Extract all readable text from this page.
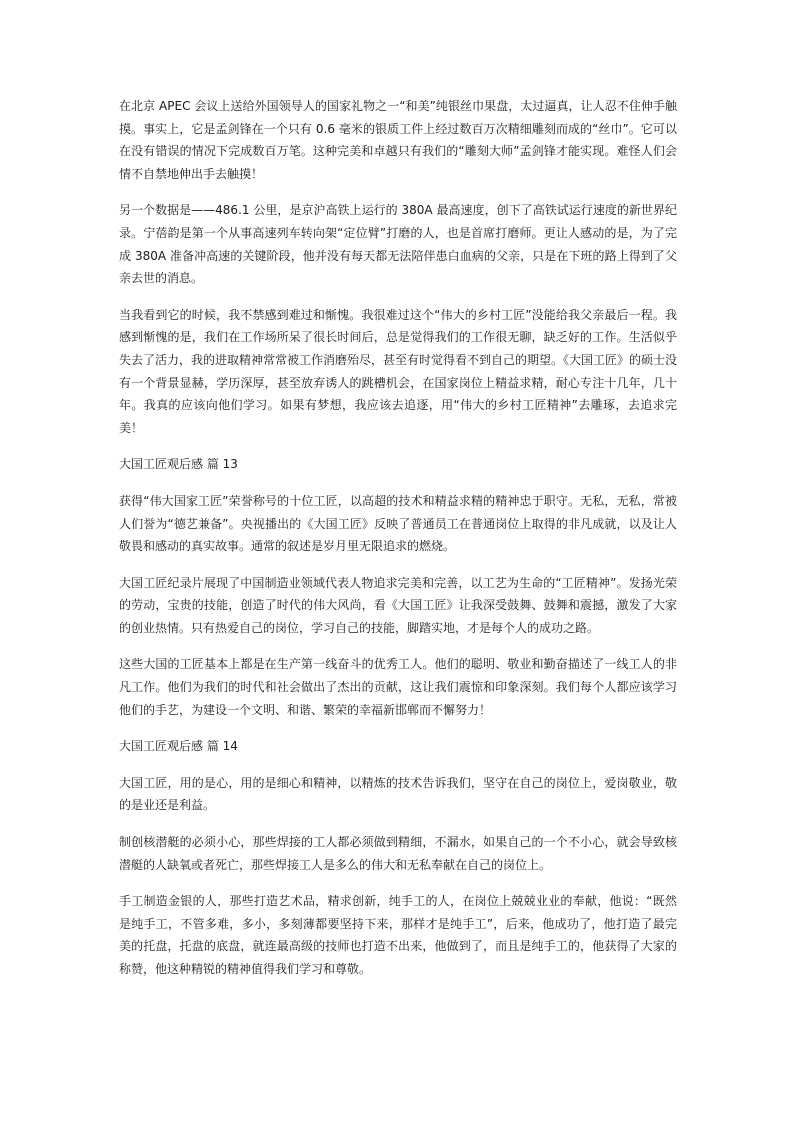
在北京 APEC 会议上送给外国领导人的国家礼物之一“和美”纯银丝巾果盘，太过逼真，让人忍不住伸手触摸。事实上，它是孟剑锋在一个只有 0.6 毫米的银质工件上经过数百万次精细雕刻而成的“丝巾”。它可以在没有错误的情况下完成数百万笔。这种完美和卓越只有我们的“雕刻大师”孟剑锋才能实现。难怪人们会情不自禁地伸出手去触摸！

另一个数据是——486.1 公里，是京沪高铁上运行的 380A 最高速度，创下了高铁试运行速度的新世界纪录。宁蓓韵是第一个从事高速列车转向架“定位臂”打磨的人，也是首席打磨师。更让人感动的是，为了完成 380A 准备冲高速的关键阶段，他并没有每天都无法陪伴患白血病的父亲，只是在下班的路上得到了父亲去世的消息。

当我看到它的时候，我不禁感到难过和惭愧。我很难过这个“伟大的乡村工匠”没能给我父亲最后一程。我感到惭愧的是，我们在工作场所呆了很长时间后，总是觉得我们的工作很无聊，缺乏好的工作。生活似乎失去了活力，我的进取精神常常被工作消磨殆尽，甚至有时觉得看不到自己的期望。《大国工匠》的硕士没有一个背景显赫，学历深厚，甚至放弃诱人的跳槽机会，在国家岗位上精益求精，耐心专注十几年，几十年。我真的应该向他们学习。如果有梦想，我应该去追逐，用“伟大的乡村工匠精神”去雕琢，去追求完美！

大国工匠观后感 篇 13

获得“伟大国家工匠”荣誉称号的十位工匠，以高超的技术和精益求精的精神忠于职守。无私，无私，常被人们誉为“德艺兼备”。央视播出的《大国工匠》反映了普通员工在普通岗位上取得的非凡成就，以及让人敬畏和感动的真实故事。通常的叙述是岁月里无限追求的燃烧。

大国工匠纪录片展现了中国制造业领域代表人物追求完美和完善，以工艺为生命的“工匠精神”。发扬光荣的劳动，宝贵的技能，创造了时代的伟大风尚，看《大国工匠》让我深受鼓舞、鼓舞和震撼，激发了大家的创业热情。只有热爱自己的岗位，学习自己的技能，脚踏实地，才是每个人的成功之路。

这些大国的工匠基本上都是在生产第一线奋斗的优秀工人。他们的聪明、敬业和勤奋描述了一线工人的非凡工作。他们为我们的时代和社会做出了杰出的贡献，这让我们震惊和印象深刻。我们每个人都应该学习他们的手艺，为建设一个文明、和谐、繁荣的幸福新邯郸而不懈努力！

大国工匠观后感 篇 14

大国工匠，用的是心，用的是细心和精神，以精炼的技术告诉我们，坚守在自己的岗位上，爱岗敬业，敬的是业还是利益。

制创核潜艇的必须小心，那些焊接的工人都必须做到精细，不漏水，如果自己的一个不小心，就会导致核潜艇的人缺氧或者死亡，那些焊接工人是多么的伟大和无私奉献在自己的岗位上。

手工制造金银的人，那些打造艺术品，精求创新，纯手工的人，在岗位上兢兢业业的奉献，他说：“既然是纯手工，不管多难，多小，多刻薄都要坚持下来，那样才是纯手工”，后来，他成功了，他打造了最完美的托盘，托盘的底盘，就连最高级的技师也打造不出来，他做到了，而且是纯手工的，他获得了大家的称赞，他这种精锐的精神值得我们学习和尊敬。
